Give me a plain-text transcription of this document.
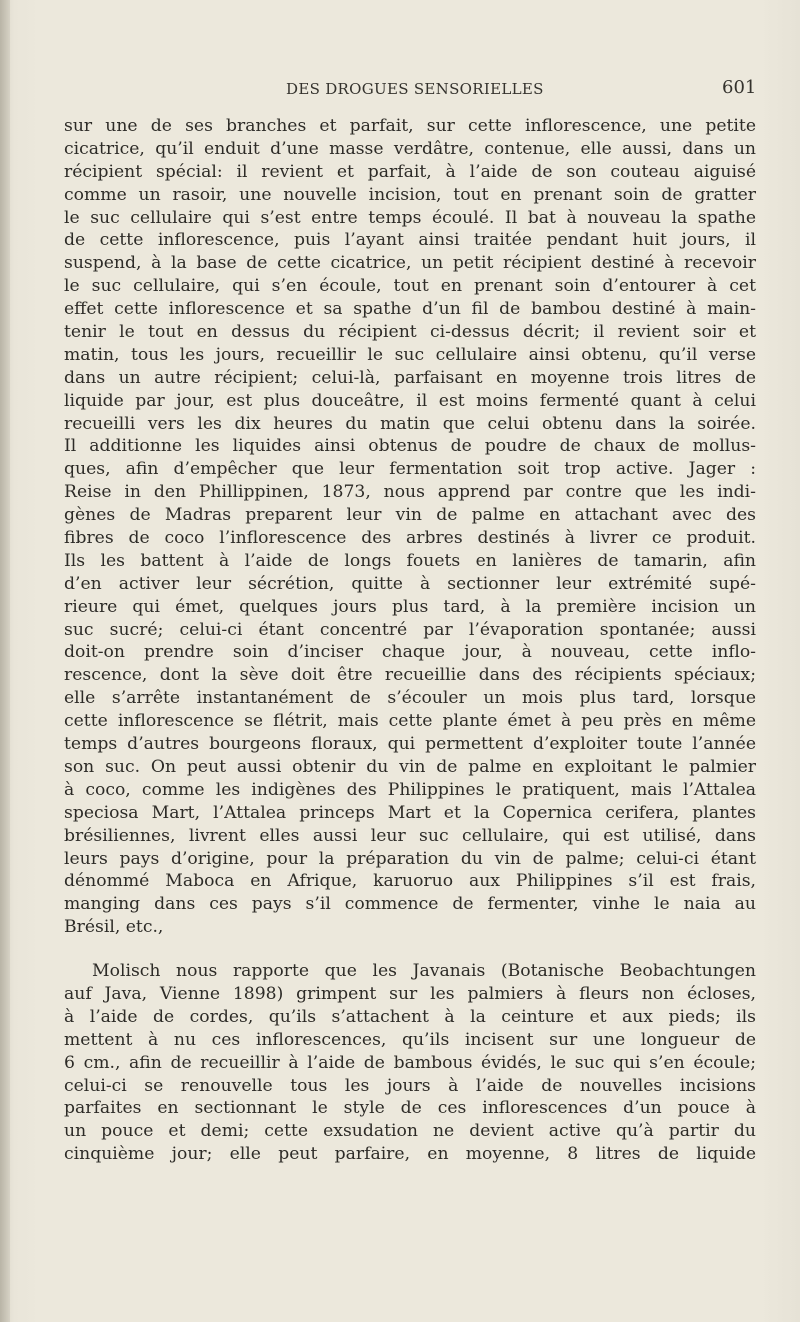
DES DROGUES SENSORIELLES	601
sur une de ses branches et parfait, sur cette inflorescence, une petite
cicatrice, qu’il enduit d’une masse verdâtre, contenue, elle aussi, dans un
récipient spécial: il revient et parfait, à l’aide de son couteau aiguisé
comme un rasoir, une nouvelle incision, tout en prenant soin de gratter
le suc cellulaire qui s’est entre temps écoulé. Il bat à nouveau la spathe
de cette inflorescence, puis l’ayant ainsi traitée pendant huit jours, il
suspend, à la base de cette cicatrice, un petit récipient destiné à recevoir
le suc cellulaire, qui s’en écoule, tout en prenant soin d’entourer à cet
effet cette inflorescence et sa spathe d’un fil de bambou destiné à main-
tenir le tout en dessus du récipient ci-dessus décrit; il revient soir et
matin, tous les jours, recueillir le suc cellulaire ainsi obtenu, qu’il verse
dans un autre récipient; celui-là, parfaisant en moyenne trois litres de
liquide par jour, est plus douceâtre, il est moins fermenté quant à celui
recueilli vers les dix heures du matin que celui obtenu dans la soirée.
Il additionne les liquides ainsi obtenus de poudre de chaux de mollus-
ques, afin d’empêcher que leur fermentation soit trop active. Jager :
Reise in den Phillippinen, 1873, nous apprend par contre que les indi-
gènes de Madras preparent leur vin de palme en attachant avec des
fibres de coco l’inflorescence des arbres destinés à livrer ce produit.
Ils les battent à l’aide de longs fouets en lanières de tamarin, afin
d’en activer leur sécrétion, quitte à sectionner leur extrémité supé-
rieure qui émet, quelques jours plus tard, à la première incision un
suc sucré; celui-ci étant concentré par l’évaporation spontanée; aussi
doit-on prendre soin d’inciser chaque jour, à nouveau, cette inflo-
rescence, dont la sève doit être recueillie dans des récipients spéciaux;
elle s’arrête instantanément de s’écouler un mois plus tard, lorsque
cette inflorescence se flétrit, mais cette plante émet à peu près en même
temps d’autres bourgeons floraux, qui permettent d’exploiter toute l’année
son suc. On peut aussi obtenir du vin de palme en exploitant le palmier
à coco, comme les indigènes des Philippines le pratiquent, mais l’Attalea
speciosa Mart, l’Attalea princeps Mart et la Copernica cerifera, plantes
brésiliennes, livrent elles aussi leur suc cellulaire, qui est utilisé, dans
leurs pays d’origine, pour la préparation du vin de palme; celui-ci étant
dénommé Maboca en Afrique, karuoruo aux Philippines s’il est frais,
manging dans ces pays s’il commence de fermenter, vinhe le naia au
Brésil, etc.,
Molisch nous rapporte que les Javanais (Botanische Beobachtungen
auf Java, Vienne 1898) grimpent sur les palmiers à fleurs non écloses,
à l’aide de cordes, qu’ils s’attachent à la ceinture et aux pieds; ils
mettent à nu ces inflorescences, qu’ils incisent sur une longueur de
6 cm., afin de recueillir à l’aide de bambous évidés, le suc qui s’en écoule;
celui-ci se renouvelle tous les jours à l’aide de nouvelles incisions
parfaites en sectionnant le style de ces inflorescences d’un pouce à
un pouce et demi; cette exsudation ne devient active qu’à partir du
cinquième jour; elle peut parfaire, en moyenne, 8 litres de liquide
